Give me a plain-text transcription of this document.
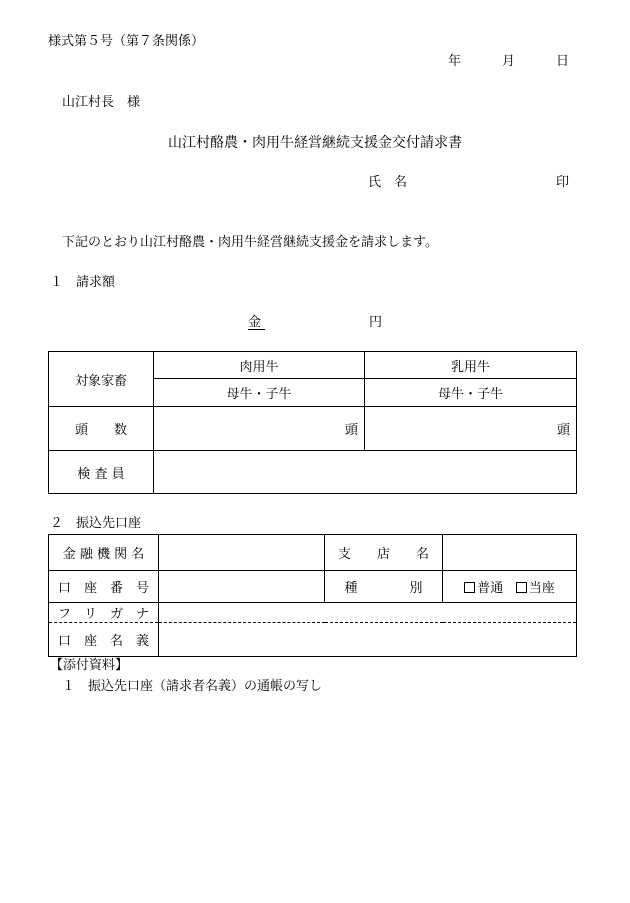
様式第５号（第７条関係）
年	月	日
山江村長　様
山江村酪農・肉用牛経営継続支援金交付請求書
氏　名	印
下記のとおり山江村酪農・肉用牛経営継続支援金を請求します。
１　請求額
金	円
対象家畜	肉用牛	乳用牛
	母牛・子牛	母牛・子牛
頭　　数	頭	頭
検 査 員		
２　振込先口座
金 融 機 関 名		支　　店　　名	
口　座　番　号		種　　　　別	普通 当座
フ　リ　ガ　ナ			
口　座　名　義			
【添付資料】
１　振込先口座（請求者名義）の通帳の写し
